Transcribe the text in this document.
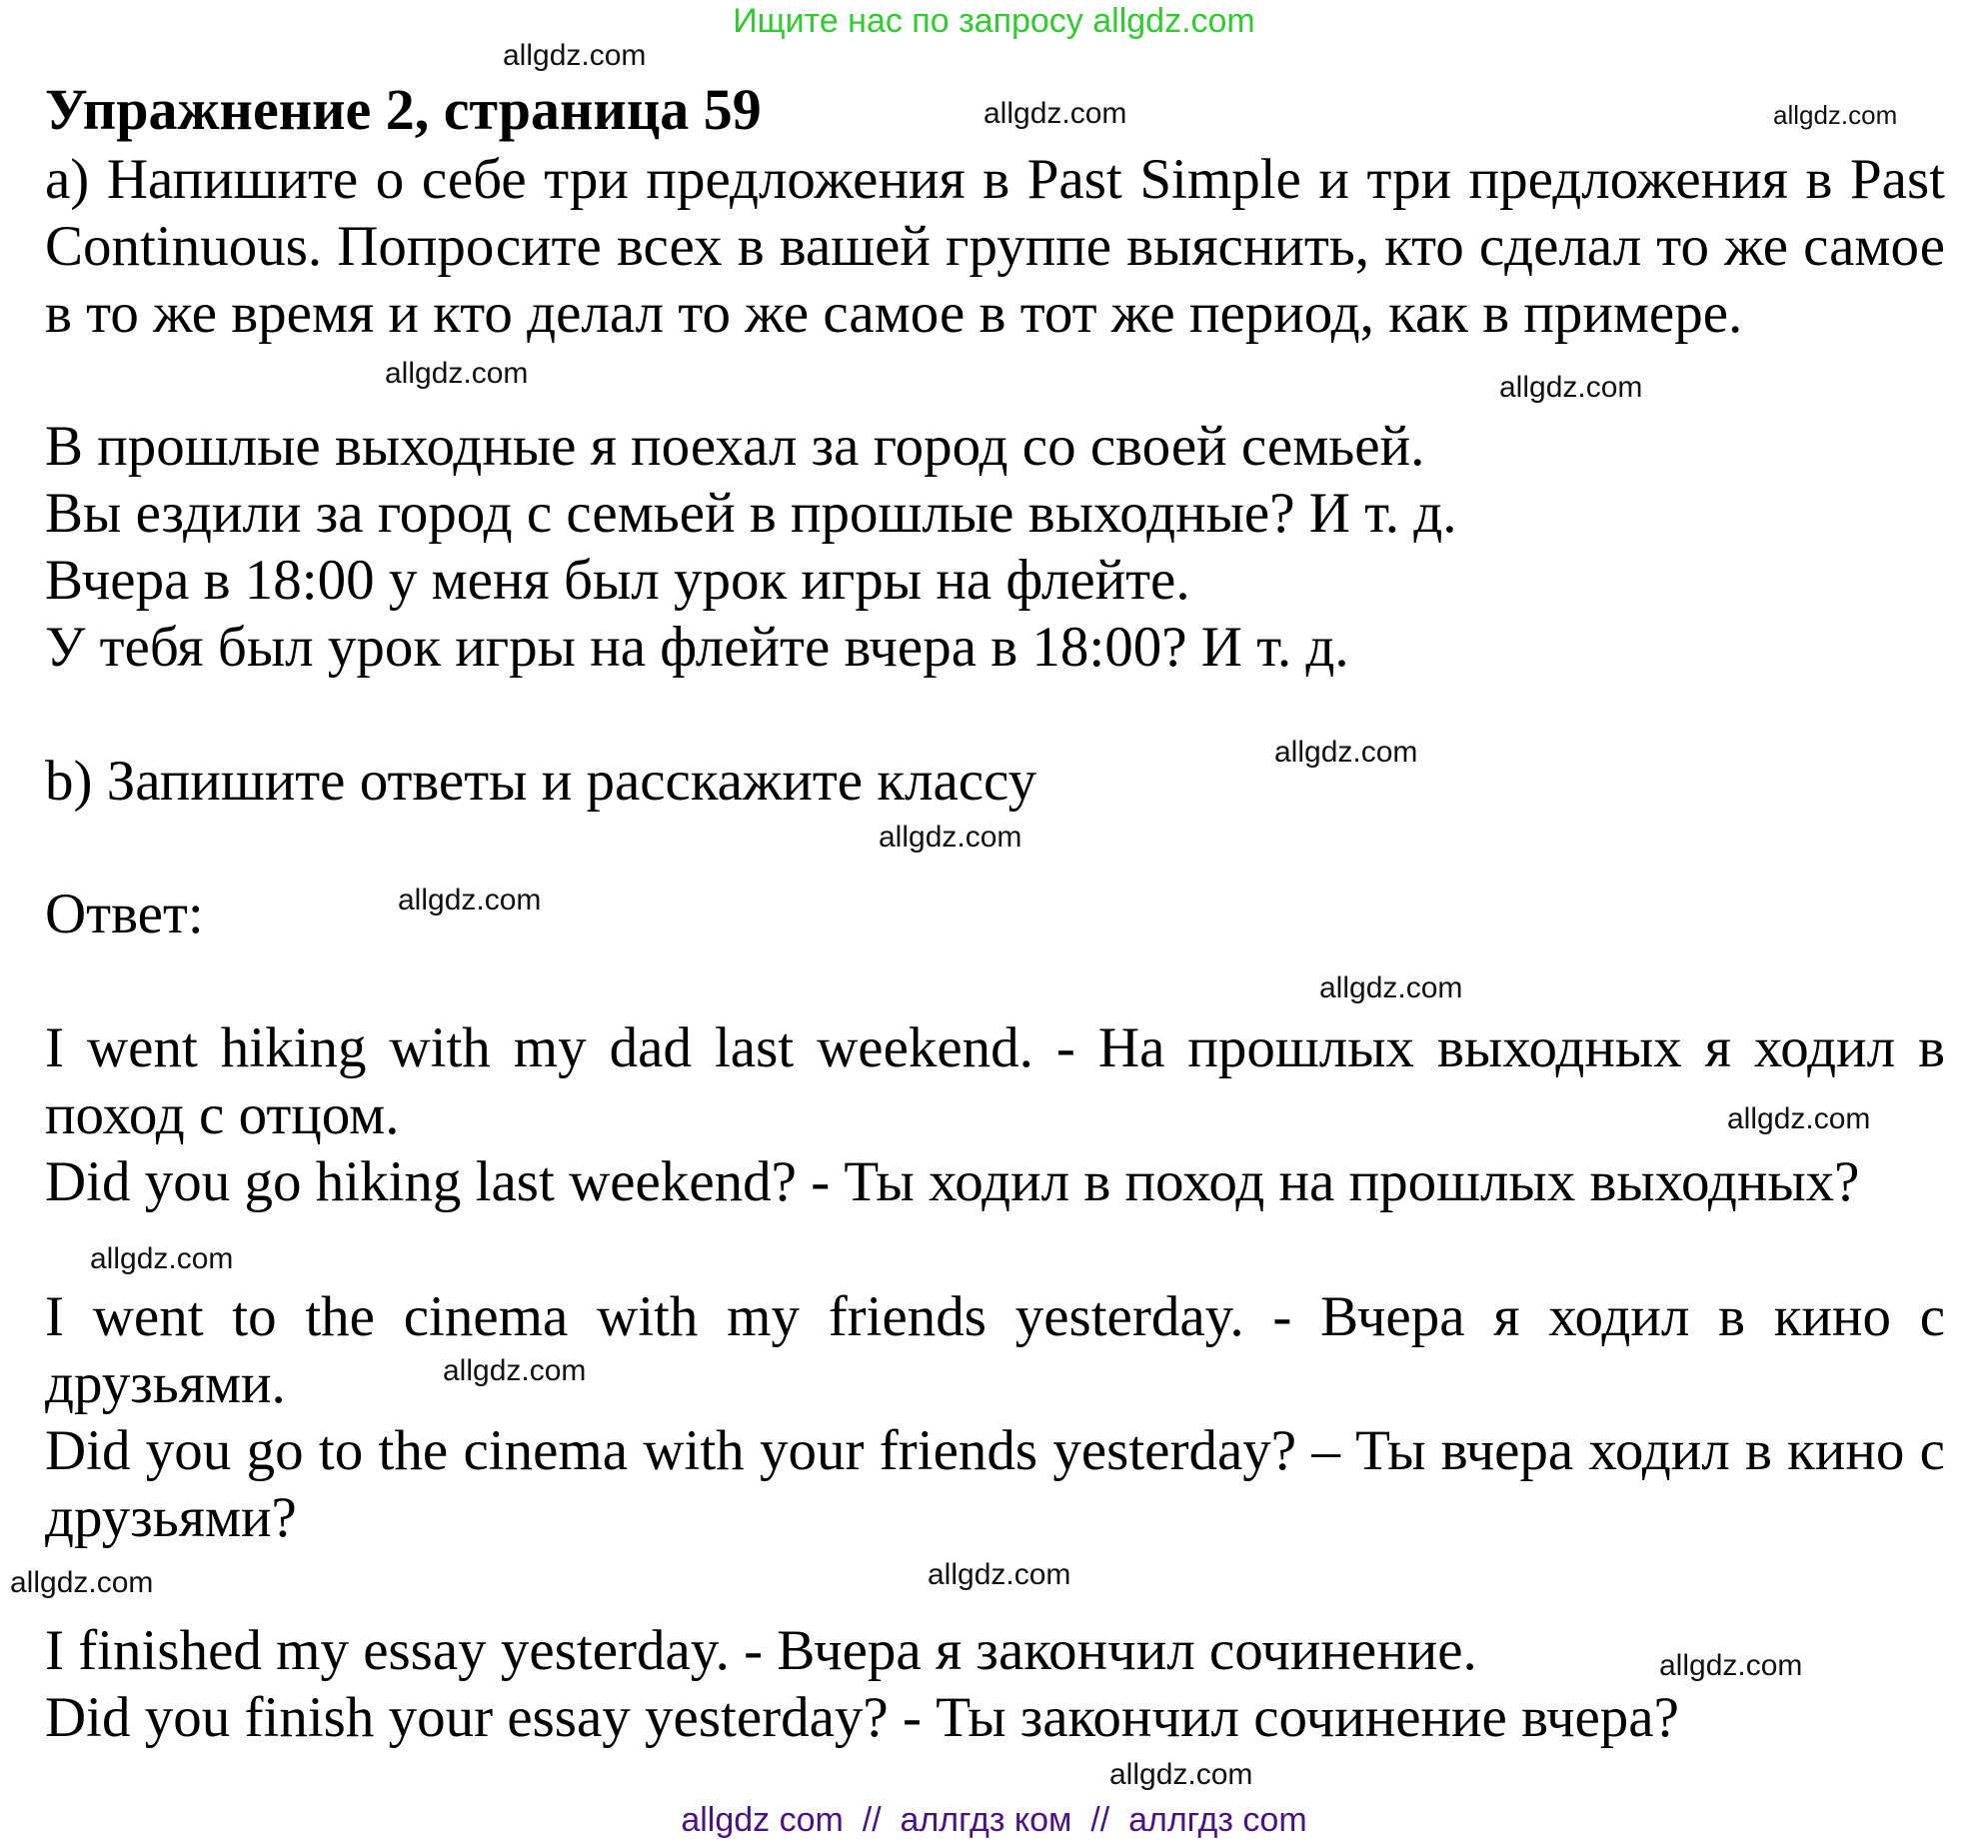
Ищите нас по запросу allgdz.com
Упражнение 2, страница 59
a) Напишите о себе три предложения в Past Simple и три предложения в Past Continuous. Попросите всех в вашей группе выяснить, кто сделал то же самое в то же время и кто делал то же самое в тот же период, как в примере.
В прошлые выходные я поехал за город со своей семьей.
Вы ездили за город с семьей в прошлые выходные? И т. д.
Вчера в 18:00 у меня был урок игры на флейте.
У тебя был урок игры на флейте вчера в 18:00? И т. д.
b) Запишите ответы и расскажите классу
Ответ:
I went hiking with my dad last weekend. - На прошлых выходных я ходил в поход с отцом.
Did you go hiking last weekend? - Ты ходил в поход на прошлых выходных?
I went to the cinema with my friends yesterday. - Вчера я ходил в кино с друзьями.
Did you go to the cinema with your friends yesterday? – Ты вчера ходил в кино с друзьями?
I finished my essay yesterday. - Вчера я закончил сочинение.
Did you finish your essay yesterday? - Ты закончил сочинение вчера?
allgdz.com
allgdz.com	allgdz.com
allgdz.com	allgdz.com
allgdz.com
allgdz.com
allgdz.com
allgdz.com
allgdz.com
allgdz.com
allgdz.com
allgdz.com
allgdz.com
allgdz.com
allgdz.com
allgdz com  //  аллгдз ком  //  аллгдз com
